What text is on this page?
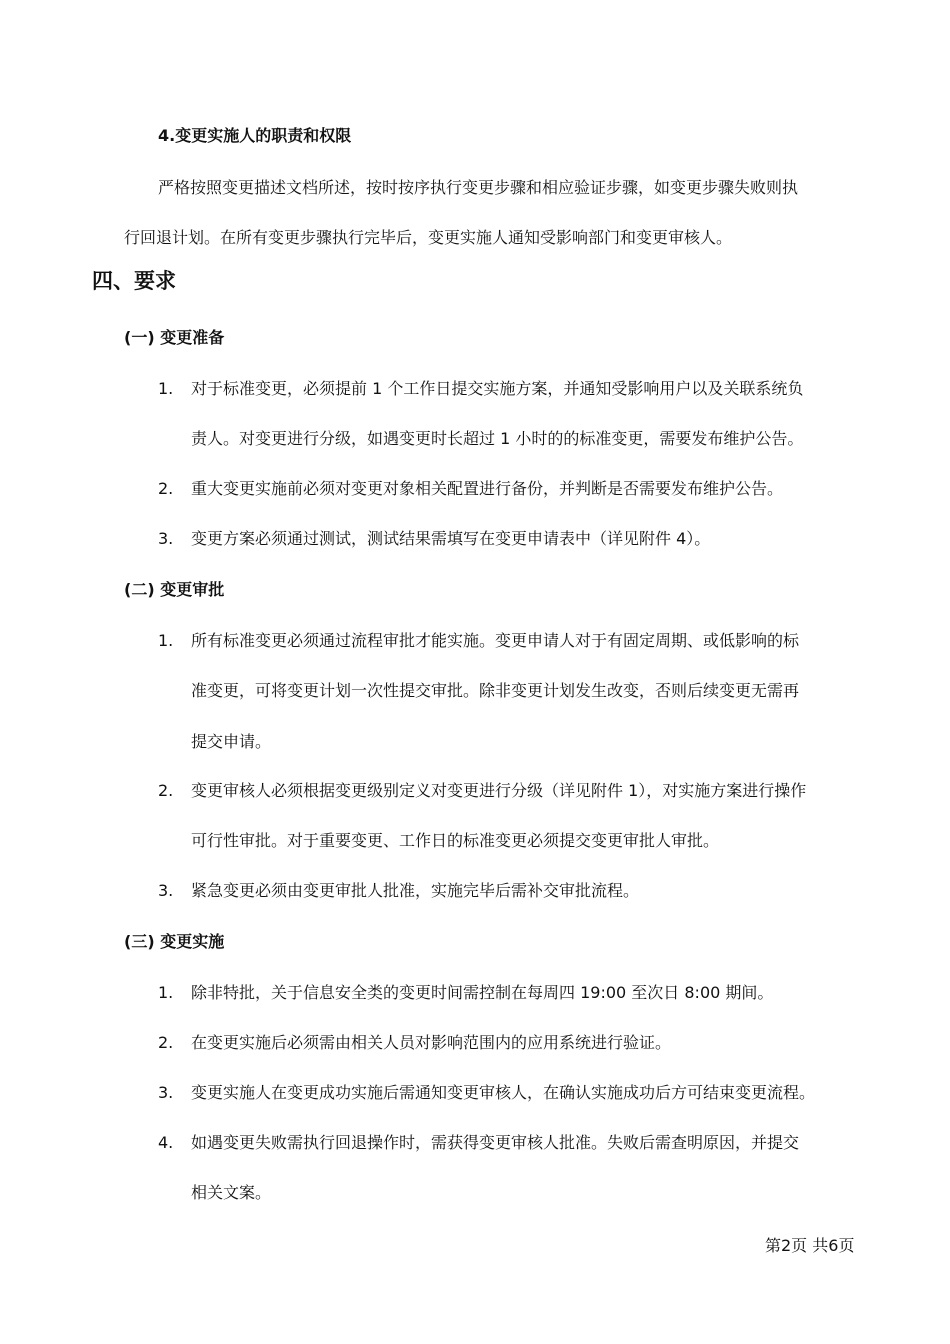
4.变更实施人的职责和权限
严格按照变更描述文档所述，按时按序执行变更步骤和相应验证步骤，如变更步骤失败则执
行回退计划。在所有变更步骤执行完毕后，变更实施人通知受影响部门和变更审核人。
四、要求
(一) 变更准备
1. 对于标准变更，必须提前 1 个工作日提交实施方案，并通知受影响用户以及关联系统负
责人。对变更进行分级，如遇变更时长超过 1 小时的的标准变更，需要发布维护公告。
2. 重大变更实施前必须对变更对象相关配置进行备份，并判断是否需要发布维护公告。
3. 变更方案必须通过测试，测试结果需填写在变更申请表中（详见附件 4）。
(二) 变更审批
1. 所有标准变更必须通过流程审批才能实施。变更申请人对于有固定周期、或低影响的标
准变更，可将变更计划一次性提交审批。除非变更计划发生改变，否则后续变更无需再
提交申请。
2. 变更审核人必须根据变更级别定义对变更进行分级（详见附件 1），对实施方案进行操作
可行性审批。对于重要变更、工作日的标准变更必须提交变更审批人审批。
3. 紧急变更必须由变更审批人批准，实施完毕后需补交审批流程。
(三) 变更实施
1. 除非特批，关于信息安全类的变更时间需控制在每周四 19:00 至次日 8:00 期间。
2. 在变更实施后必须需由相关人员对影响范围内的应用系统进行验证。
3. 变更实施人在变更成功实施后需通知变更审核人，在确认实施成功后方可结束变更流程。
4. 如遇变更失败需执行回退操作时，需获得变更审核人批准。失败后需查明原因，并提交
相关文案。
第2页 共6页
